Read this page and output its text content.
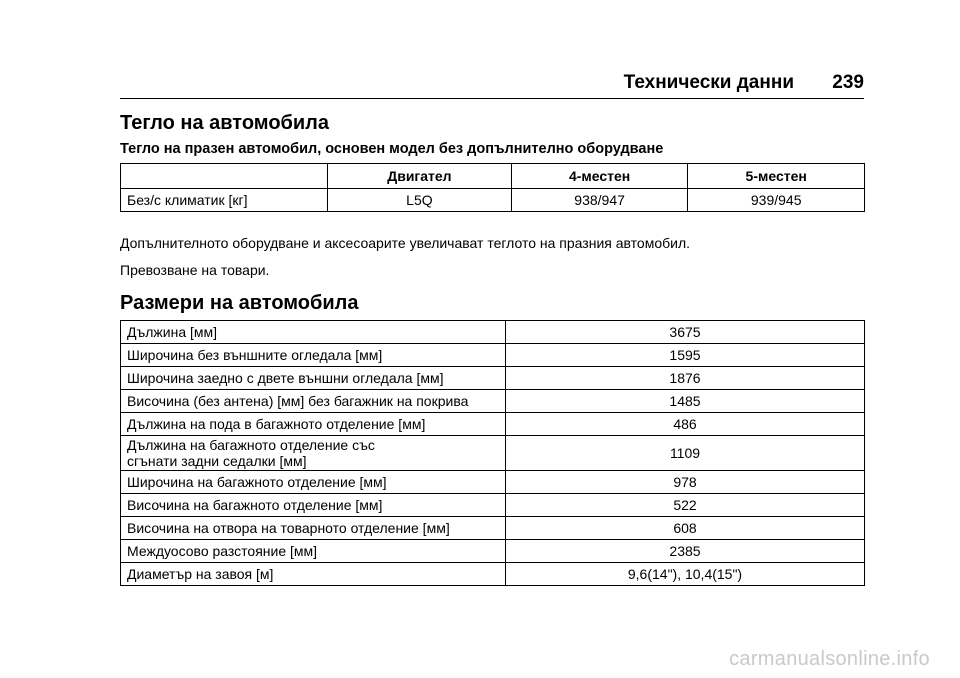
Технически данни 239
Тегло на автомобила
Тегло на празен автомобил, основен модел без допълнително оборудване
	Двигател	4-местен	5-местен
Без/с климатик [кг]	L5Q	938/947	939/945
Допълнителното оборудване и аксесоарите увеличават теглото на празния автомобил.
Превозване на товари.
Размери на автомобила
Дължина [мм]	3675
Широчина без външните огледала [мм]	1595
Широчина заедно с двете външни огледала [мм]	1876
Височина (без антена) [мм] без багажник на покрива	1485
Дължина на пода в багажното отделение [мм]	486
Дължина на багажното отделение със сгънати задни седалки [мм]	1109
Широчина на багажното отделение [мм]	978
Височина на багажното отделение [мм]	522
Височина на отвора на товарното отделение [мм]	608
Междуосово разстояние [мм]	2385
Диаметър на завоя [м]	9,6(14"), 10,4(15")
carmanualsonline.info
